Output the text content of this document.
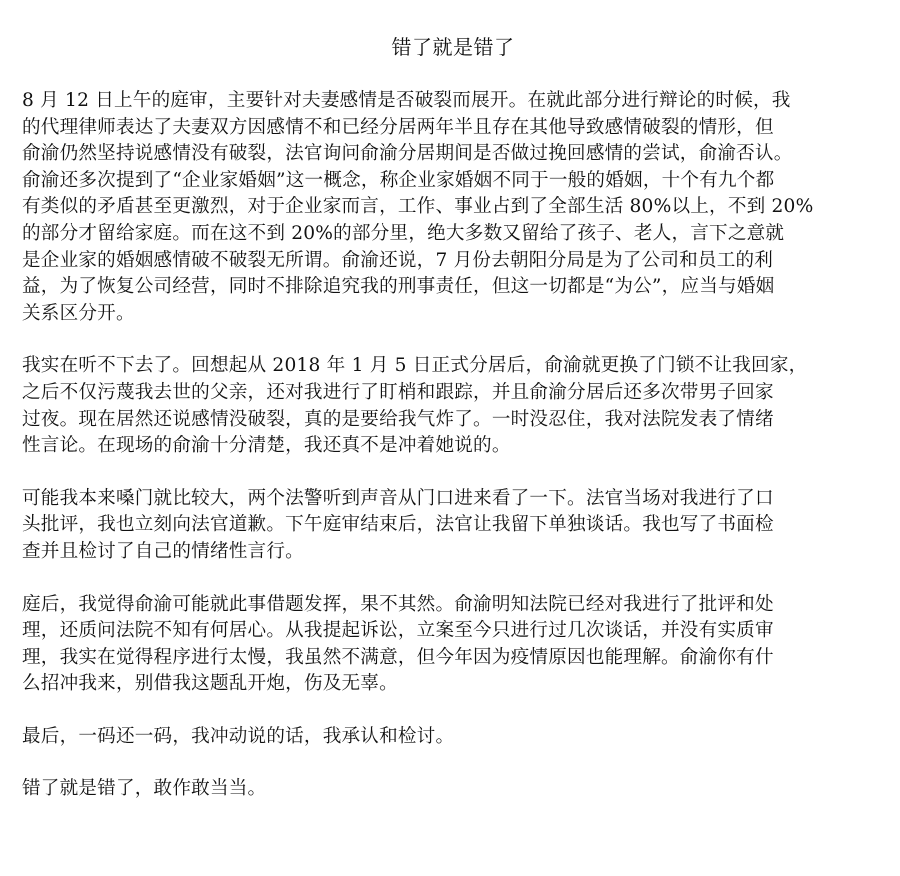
错了就是错了
8 月 12 日上午的庭审，主要针对夫妻感情是否破裂而展开。在就此部分进行辩论的时候，我
的代理律师表达了夫妻双方因感情不和已经分居两年半且存在其他导致感情破裂的情形，但
俞渝仍然坚持说感情没有破裂，法官询问俞渝分居期间是否做过挽回感情的尝试，俞渝否认。
俞渝还多次提到了“企业家婚姻”这一概念，称企业家婚姻不同于一般的婚姻，十个有九个都
有类似的矛盾甚至更激烈，对于企业家而言，工作、事业占到了全部生活 80%以上，不到 20%
的部分才留给家庭。而在这不到 20%的部分里，绝大多数又留给了孩子、老人，言下之意就
是企业家的婚姻感情破不破裂无所谓。俞渝还说，7 月份去朝阳分局是为了公司和员工的利
益，为了恢复公司经营，同时不排除追究我的刑事责任，但这一切都是“为公”，应当与婚姻
关系区分开。
我实在听不下去了。回想起从 2018 年 1 月 5 日正式分居后，俞渝就更换了门锁不让我回家，
之后不仅污蔑我去世的父亲，还对我进行了盯梢和跟踪，并且俞渝分居后还多次带男子回家
过夜。现在居然还说感情没破裂，真的是要给我气炸了。一时没忍住，我对法院发表了情绪
性言论。在现场的俞渝十分清楚，我还真不是冲着她说的。
可能我本来嗓门就比较大，两个法警听到声音从门口进来看了一下。法官当场对我进行了口
头批评，我也立刻向法官道歉。下午庭审结束后，法官让我留下单独谈话。我也写了书面检
查并且检讨了自己的情绪性言行。
庭后，我觉得俞渝可能就此事借题发挥，果不其然。俞渝明知法院已经对我进行了批评和处
理，还质问法院不知有何居心。从我提起诉讼，立案至今只进行过几次谈话，并没有实质审
理，我实在觉得程序进行太慢，我虽然不满意，但今年因为疫情原因也能理解。俞渝你有什
么招冲我来，别借我这题乱开炮，伤及无辜。
最后，一码还一码，我冲动说的话，我承认和检讨。
错了就是错了，敢作敢当当。
